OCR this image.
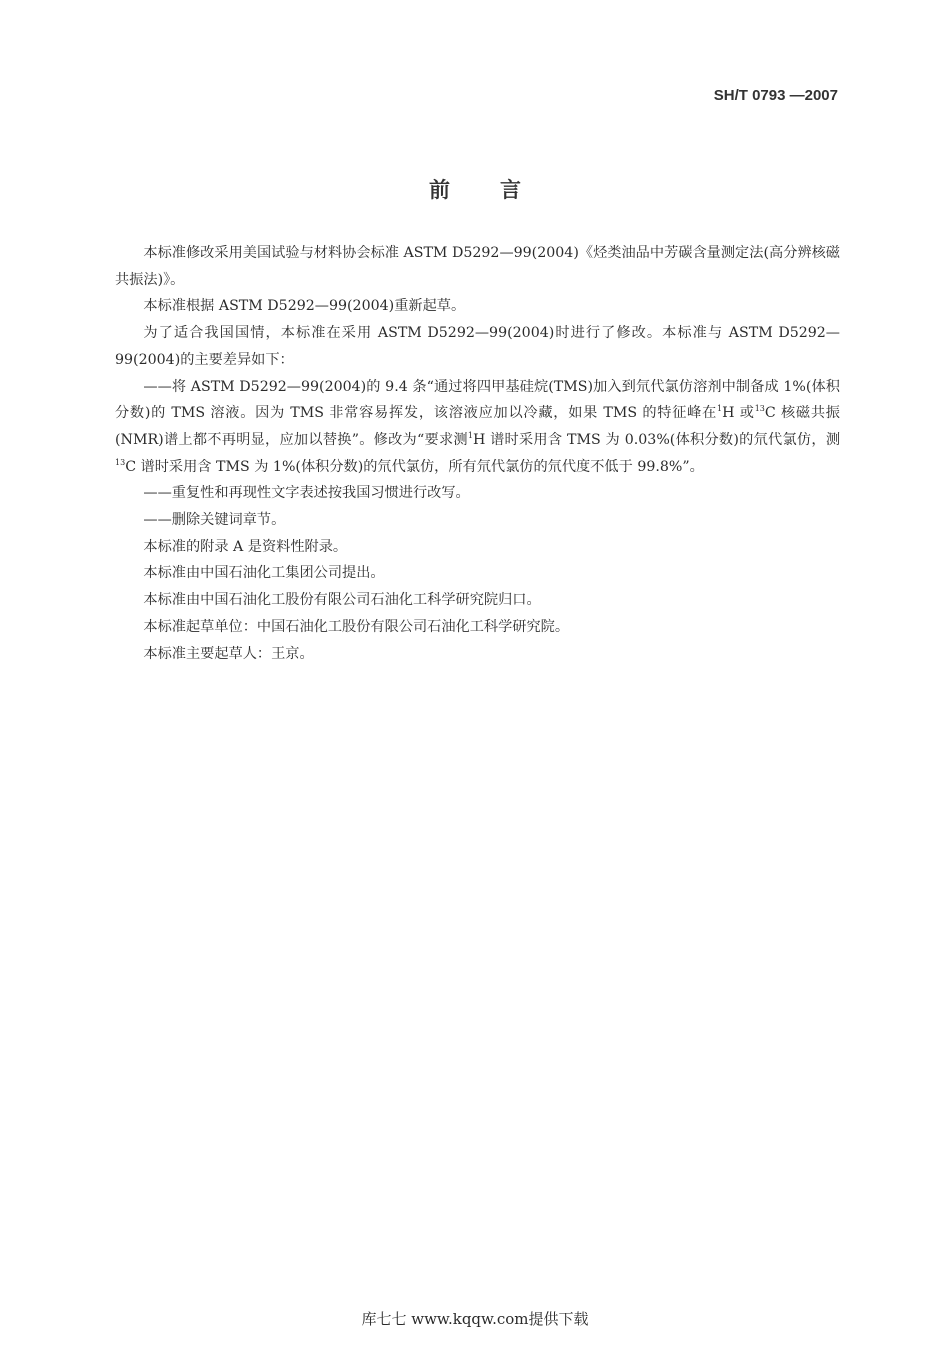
SH/T 0793 —2007
前言

本标准修改采用美国试验与材料协会标准 ASTM D5292—99(2004)《烃类油品中芳碳含量测定法(高分辨核磁共振法)》。

本标准根据 ASTM D5292—99(2004)重新起草。

为了适合我国国情，本标准在采用 ASTM D5292—99(2004)时进行了修改。本标准与 ASTM D5292—99(2004)的主要差异如下：

——将 ASTM D5292—99(2004)的 9.4 条“通过将四甲基硅烷(TMS)加入到氘代氯仿溶剂中制备成 1%(体积分数)的 TMS 溶液。因为 TMS 非常容易挥发，该溶液应加以冷藏，如果 TMS 的特征峰在$^1$H 或$^{13}$C 核磁共振(NMR)谱上都不再明显，应加以替换”。修改为“要求测$^1$H 谱时采用含 TMS 为 0.03%(体积分数)的氘代氯仿，测$^{13}$C 谱时采用含 TMS 为 1%(体积分数)的氘代氯仿，所有氘代氯仿的氘代度不低于 99.8%”。

——重复性和再现性文字表述按我国习惯进行改写。

——删除关键词章节。

本标准的附录 A 是资料性附录。

本标准由中国石油化工集团公司提出。

本标准由中国石油化工股份有限公司石油化工科学研究院归口。

本标准起草单位：中国石油化工股份有限公司石油化工科学研究院。

本标准主要起草人：王京。

库七七 www.kqqw.com提供下载
